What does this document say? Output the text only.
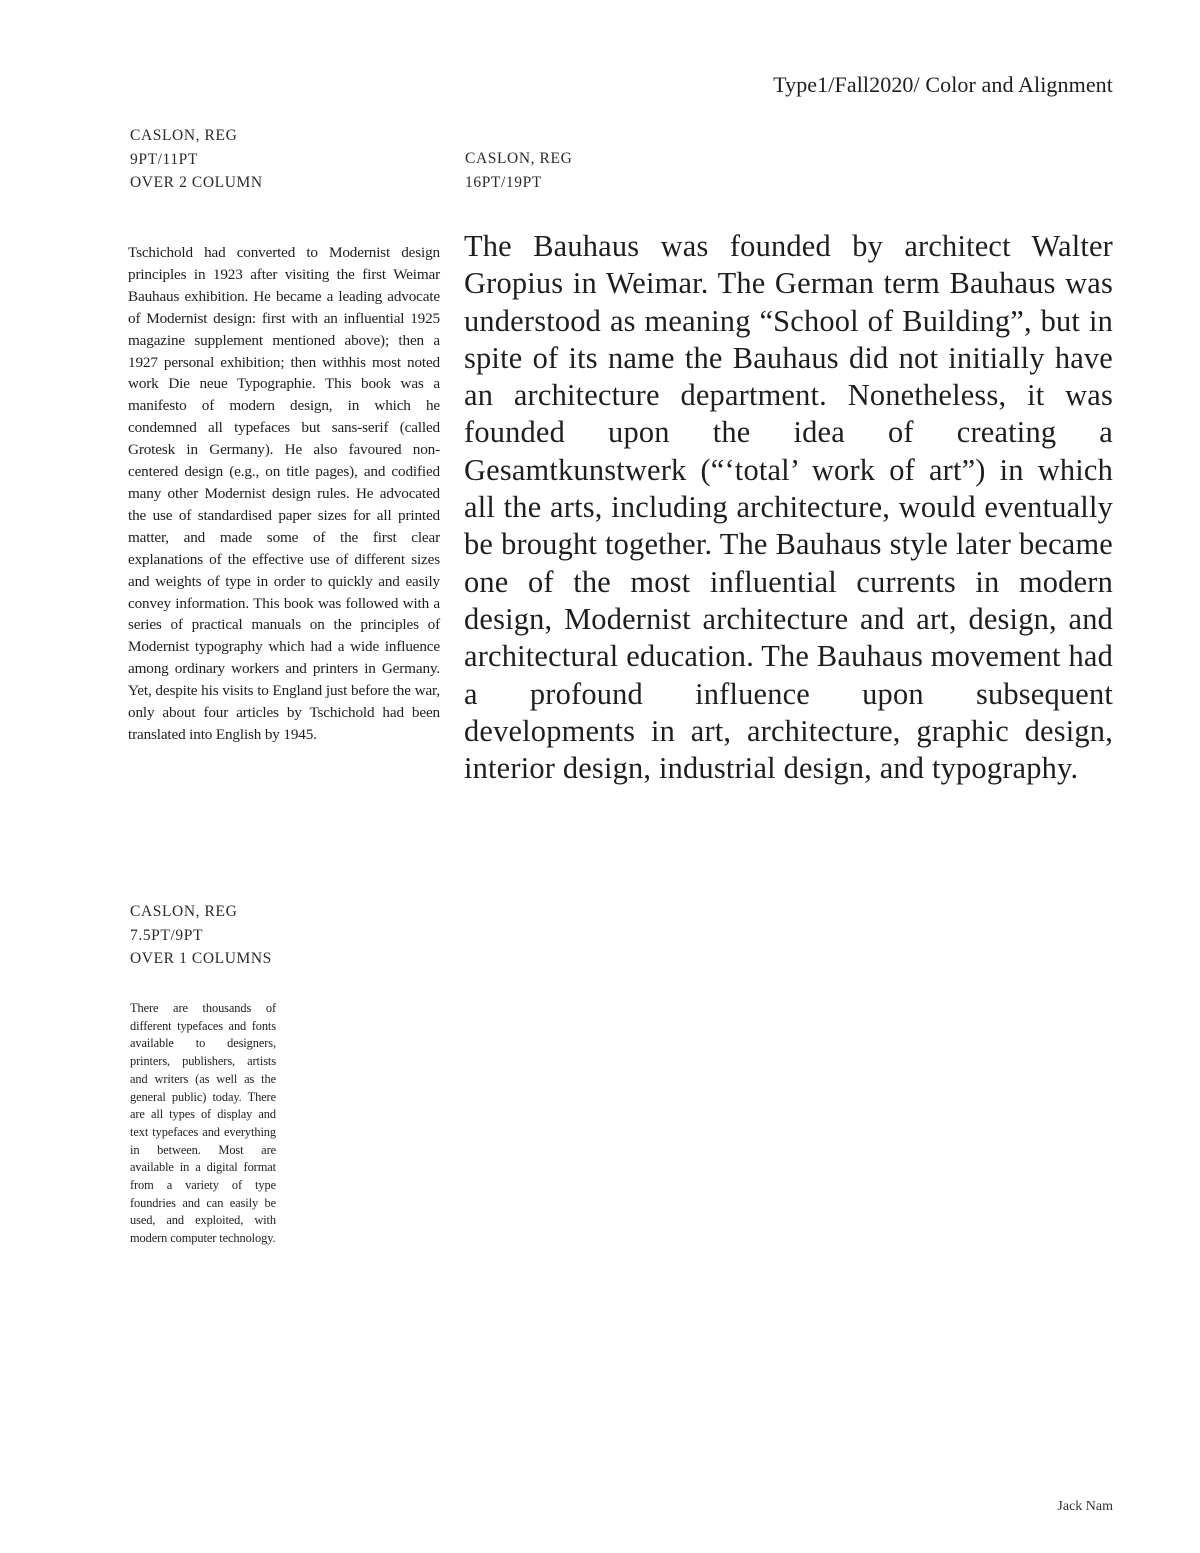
Type1/Fall2020/ Color and Alignment
CASLON, REG
9PT/11PT
OVER 2 COLUMN
CASLON, REG
16PT/19PT

Tschichold had converted to Modernist design principles in 1923 after visiting the first Weimar Bauhaus exhibition. He became a leading advocate of Modernist design: first with an influential 1925 magazine supplement mentioned above); then a 1927 personal exhibition; then withhis most noted work Die neue Typographie. This book was a manifesto of modern design, in which he condemned all typefaces but sans-serif (called Grotesk in Germany). He also favoured non-centered design (e.g., on title pages), and codified many other Modernist design rules. He advocated the use of standardised paper sizes for all printed matter, and made some of the first clear explanations of the effective use of different sizes and weights of type in order to quickly and easily convey information. This book was followed with a series of practical manuals on the principles of Modernist typography which had a wide influence among ordinary workers and printers in Germany. Yet, despite his visits to England just before the war, only about four articles by Tschichold had been translated into English by 1945.

The Bauhaus was founded by architect Walter Gropius in Weimar. The German term Bauhaus was understood as meaning “School of Building”, but in spite of its name the Bauhaus did not initially have an architecture department. Nonetheless, it was founded upon the idea of creating a Gesamtkunstwerk (“‘total’ work of art”) in which all the arts, including architecture, would eventually be brought together. The Bauhaus style later became one of the most influential currents in modern design, Modernist architecture and art, design, and architectural education. The Bauhaus movement had a profound influence upon subsequent developments in art, architecture, graphic design, interior design, industrial design, and typography.

CASLON, REG
7.5PT/9PT
OVER 1 COLUMNS

There are thousands of different typefaces and fonts available to designers, printers, publishers, artists and writers (as well as the general public) today. There are all types of display and text typefaces and everything in between. Most are available in a digital format from a variety of type foundries and can easily be used, and exploited, with modern computer technology.

Jack Nam
